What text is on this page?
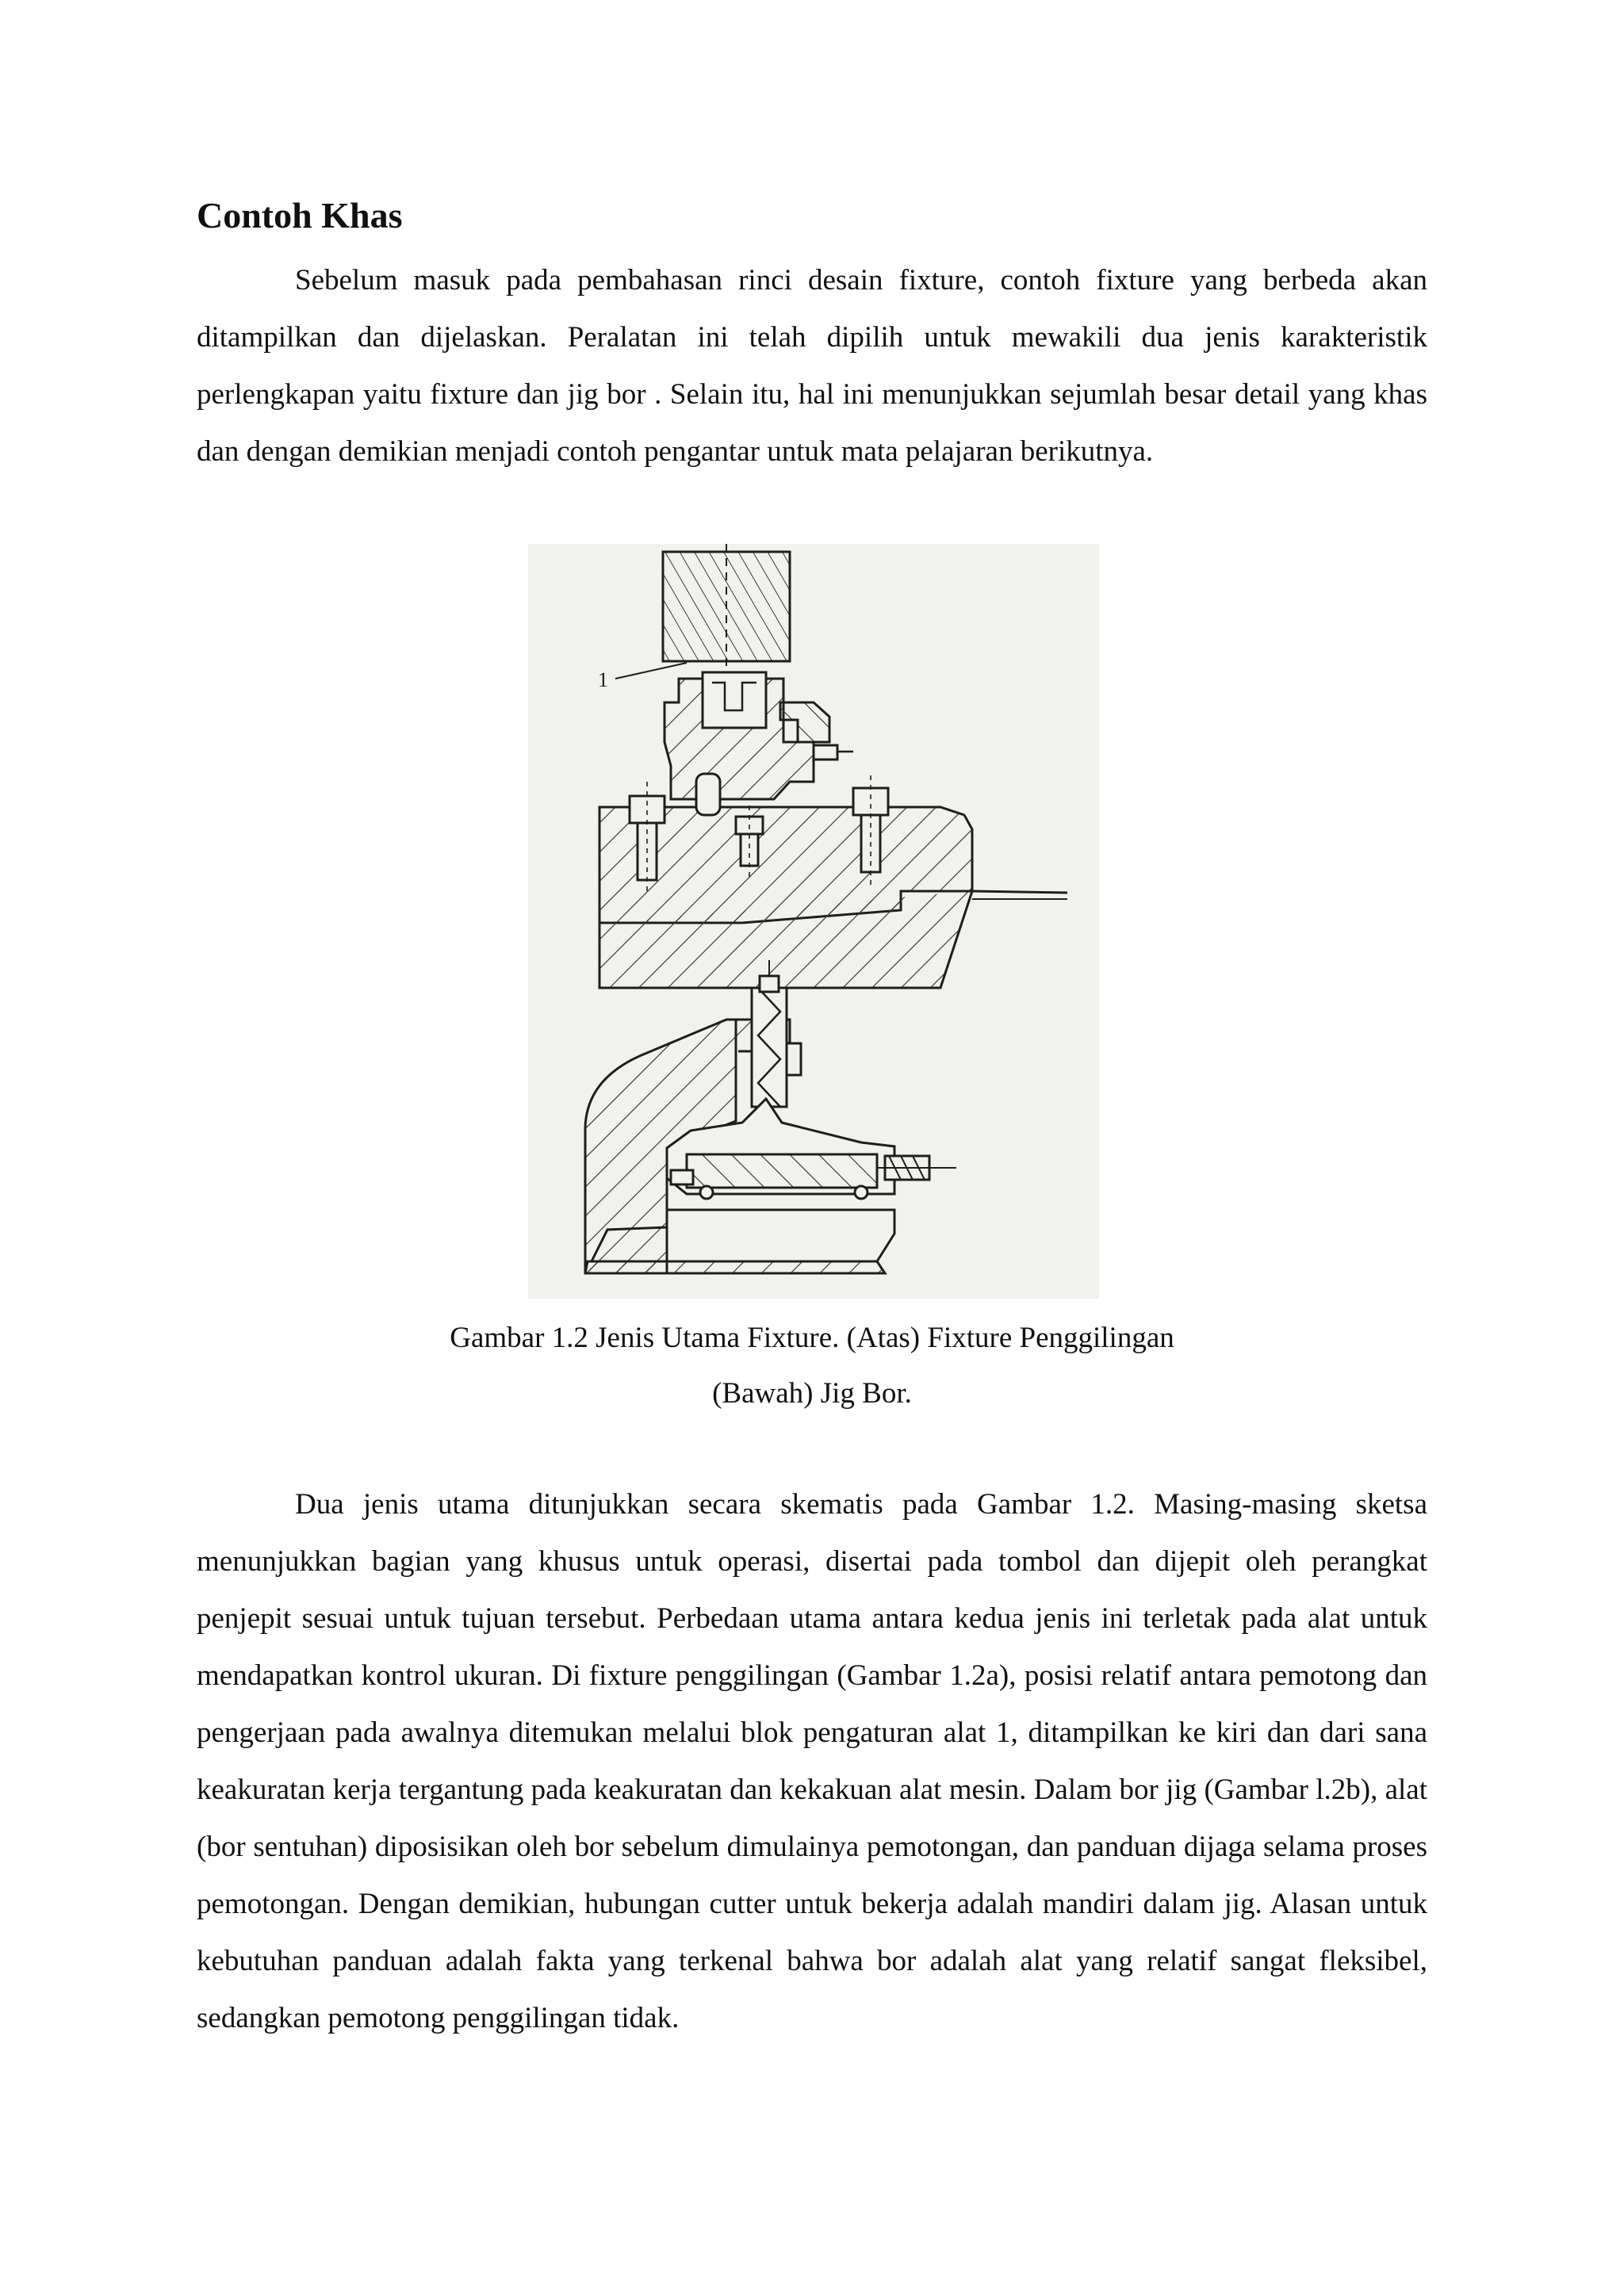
Contoh Khas

Sebelum masuk pada pembahasan rinci desain fixture, contoh fixture yang berbeda akan ditampilkan dan dijelaskan. Peralatan ini telah dipilih untuk mewakili dua jenis karakteristik perlengkapan yaitu fixture dan jig bor . Selain itu, hal ini menunjukkan sejumlah besar detail yang khas dan dengan demikian menjadi contoh pengantar untuk mata pelajaran berikutnya.

1

Gambar 1.2 Jenis Utama Fixture. (Atas) Fixture Penggilingan

(Bawah) Jig Bor.

Dua jenis utama ditunjukkan secara skematis pada Gambar 1.2. Masing-masing sketsa menunjukkan bagian yang khusus untuk operasi, disertai pada tombol dan dijepit oleh perangkat penjepit sesuai untuk tujuan tersebut. Perbedaan utama antara kedua jenis ini terletak pada alat untuk mendapatkan kontrol ukuran. Di fixture penggilingan (Gambar 1.2a), posisi relatif antara pemotong dan pengerjaan pada awalnya ditemukan melalui blok pengaturan alat 1, ditampilkan ke kiri dan dari sana keakuratan kerja tergantung pada keakuratan dan kekakuan alat mesin. Dalam bor jig (Gambar l.2b), alat (bor sentuhan) diposisikan oleh bor sebelum dimulainya pemotongan, dan panduan dijaga selama proses pemotongan. Dengan demikian, hubungan cutter untuk bekerja adalah mandiri dalam jig. Alasan untuk kebutuhan panduan adalah fakta yang terkenal bahwa bor adalah alat yang relatif sangat fleksibel, sedangkan pemotong penggilingan tidak.
